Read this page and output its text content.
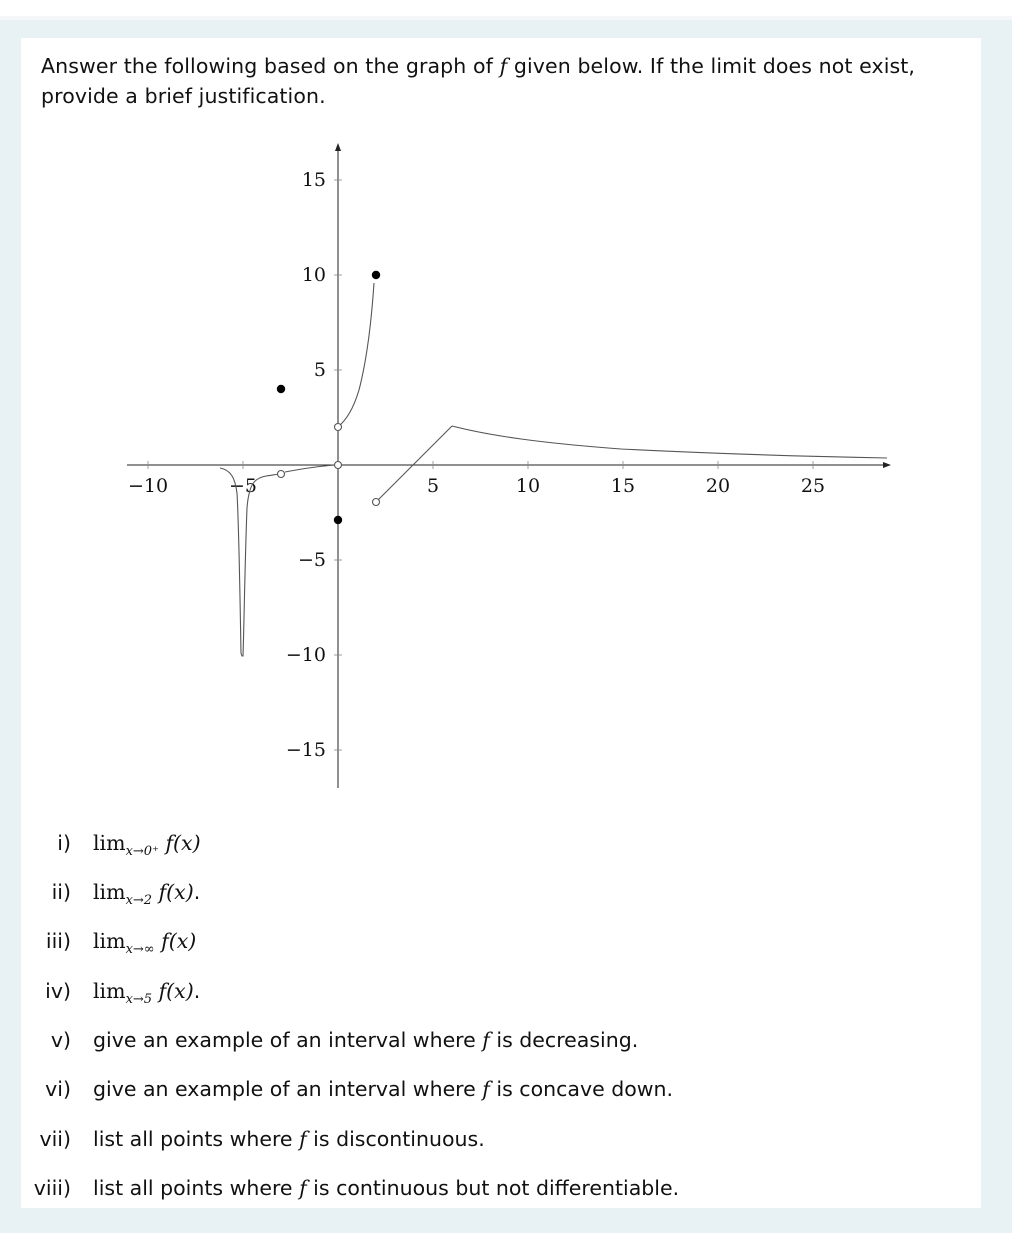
Answer the following based on the graph of f given below. If the limit does not exist, provide a brief justification.
−10	−5	5	10	15	20	25
15
10
5
−5
−10
−15
i) $\lim_{x\to 0^+} f(x)$
ii) $\lim_{x\to 2} f(x)$.
iii) $\lim_{x\to\infty} f(x)$
iv) $\lim_{x\to 5} f(x)$.
v) give an example of an interval where f is decreasing.
vi) give an example of an interval where f is concave down.
vii) list all points where f is discontinuous.
viii) list all points where f is continuous but not differentiable.
